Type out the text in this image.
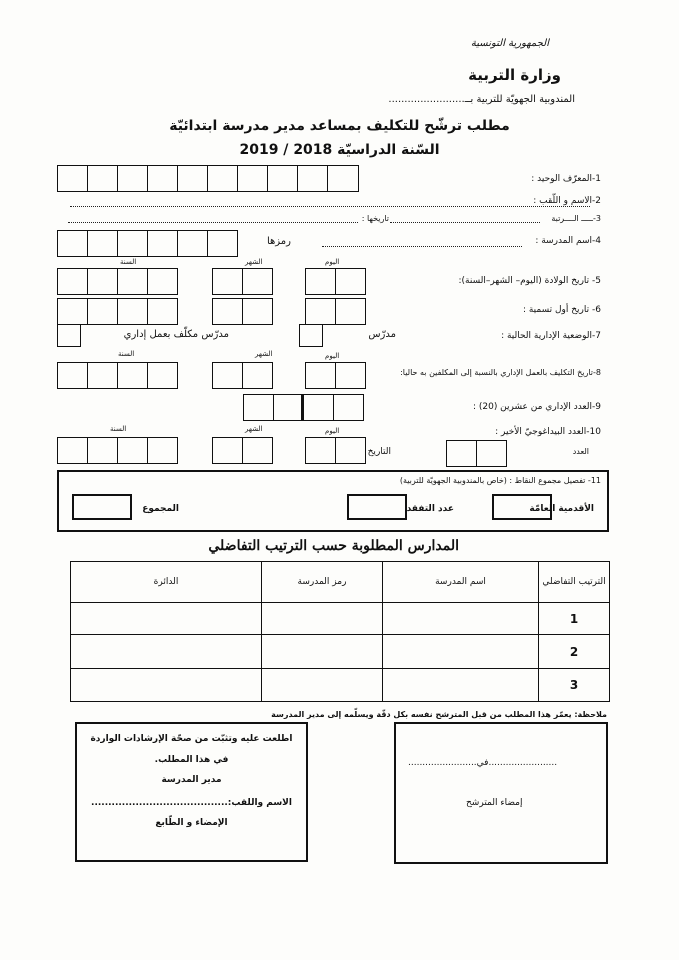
الجمهورية التونسية
وزارة التربية
المندوبية الجهويّة للتربية بــ........................
مطلب ترشّح للتكليف بمساعد مدير مدرسة ابتدائيّة
السّنة الدراسيّة 2018 / 2019
1-المعرّف الوحيد :
2-الاسم و اللّقب :
3-ـــــ الــــرتبة
تاريخها :
4-اسم المدرسة :
رمزها
السنة	الشهر	اليوم
5- تاريخ الولادة (اليوم– الشهر–السنة):
6- تاريخ أول تسمية :
7-الوضعية الإدارية الحالية :
مدرّس
مدرّس مكلّف بعمل إداري
السنة	الشهر	اليوم
8-تاريخ التكليف بالعمل الإداري بالنسبة إلى المكلفين به حاليا:
9-العدد الإداري من عشرين (20) :
السنة	الشهر	اليوم	10-العدد البيداغوجيّ الأخير :
التاريخ	العدد
11- تفصيل مجموع النقاط : (خاص بالمندوبية الجهويّة للتربية)
الأقدمية العامّة
عدد التفقد
المجموع
المدارس المطلوبة حسب الترتيب التفاضلي
الترتيب التفاضلي	اسم المدرسة	رمز المدرسة	الدائرة
1			
2			
3			
ملاحظة: يعمّر هذا المطلب من قبل المترشح نفسه بكل دقّة ويسلّمه إلى مدير المدرسة
........................في........................
إمضاء المترشح
اطلعت عليه وتثبّت من صحّة الإرشادات الواردة
في هذا المطلب.
مدير المدرسة
الاسم واللقب:........................................
الإمضاء و الطّابع
